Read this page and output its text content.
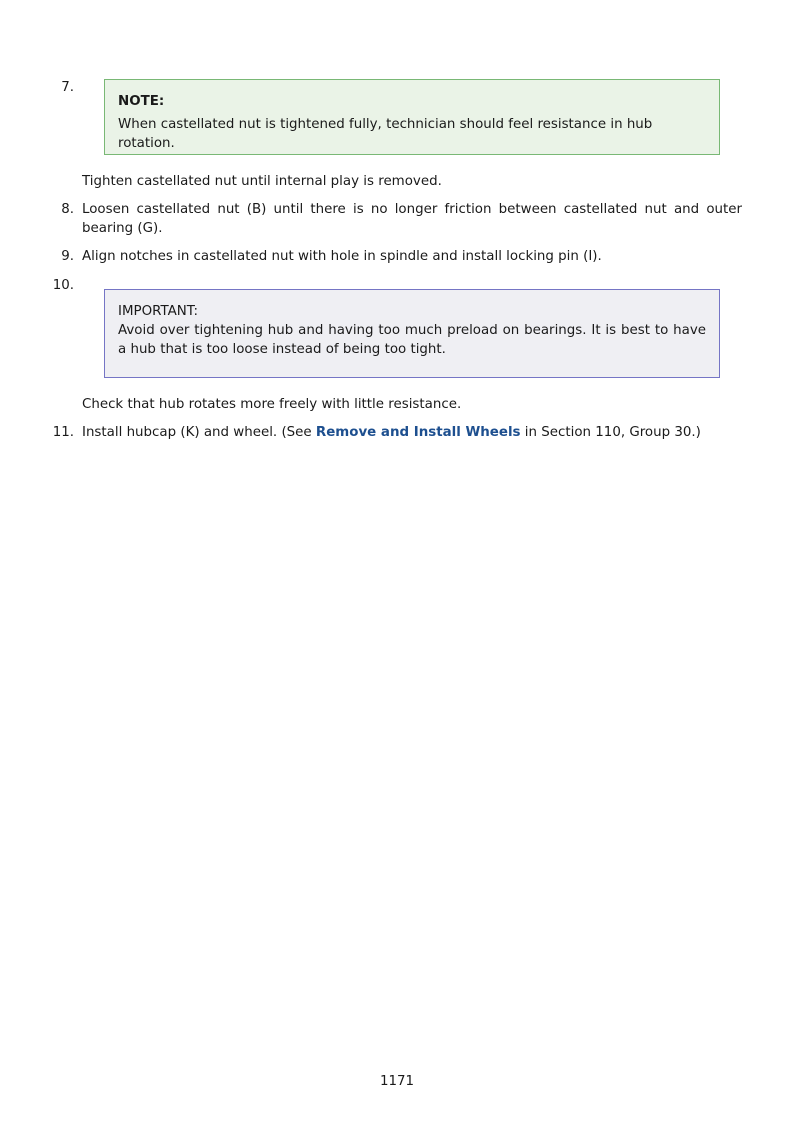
7.
NOTE:
When castellated nut is tightened fully, technician should feel resistance in hub rotation.
Tighten castellated nut until internal play is removed.
8. Loosen castellated nut (B) until there is no longer friction between castellated nut and outer bearing (G).
9. Align notches in castellated nut with hole in spindle and install locking pin (I).
10.
IMPORTANT:
Avoid over tightening hub and having too much preload on bearings. It is best to have a hub that is too loose instead of being too tight.
Check that hub rotates more freely with little resistance.
11. Install hubcap (K) and wheel. (See Remove and Install Wheels in Section 110, Group 30.)
1171
